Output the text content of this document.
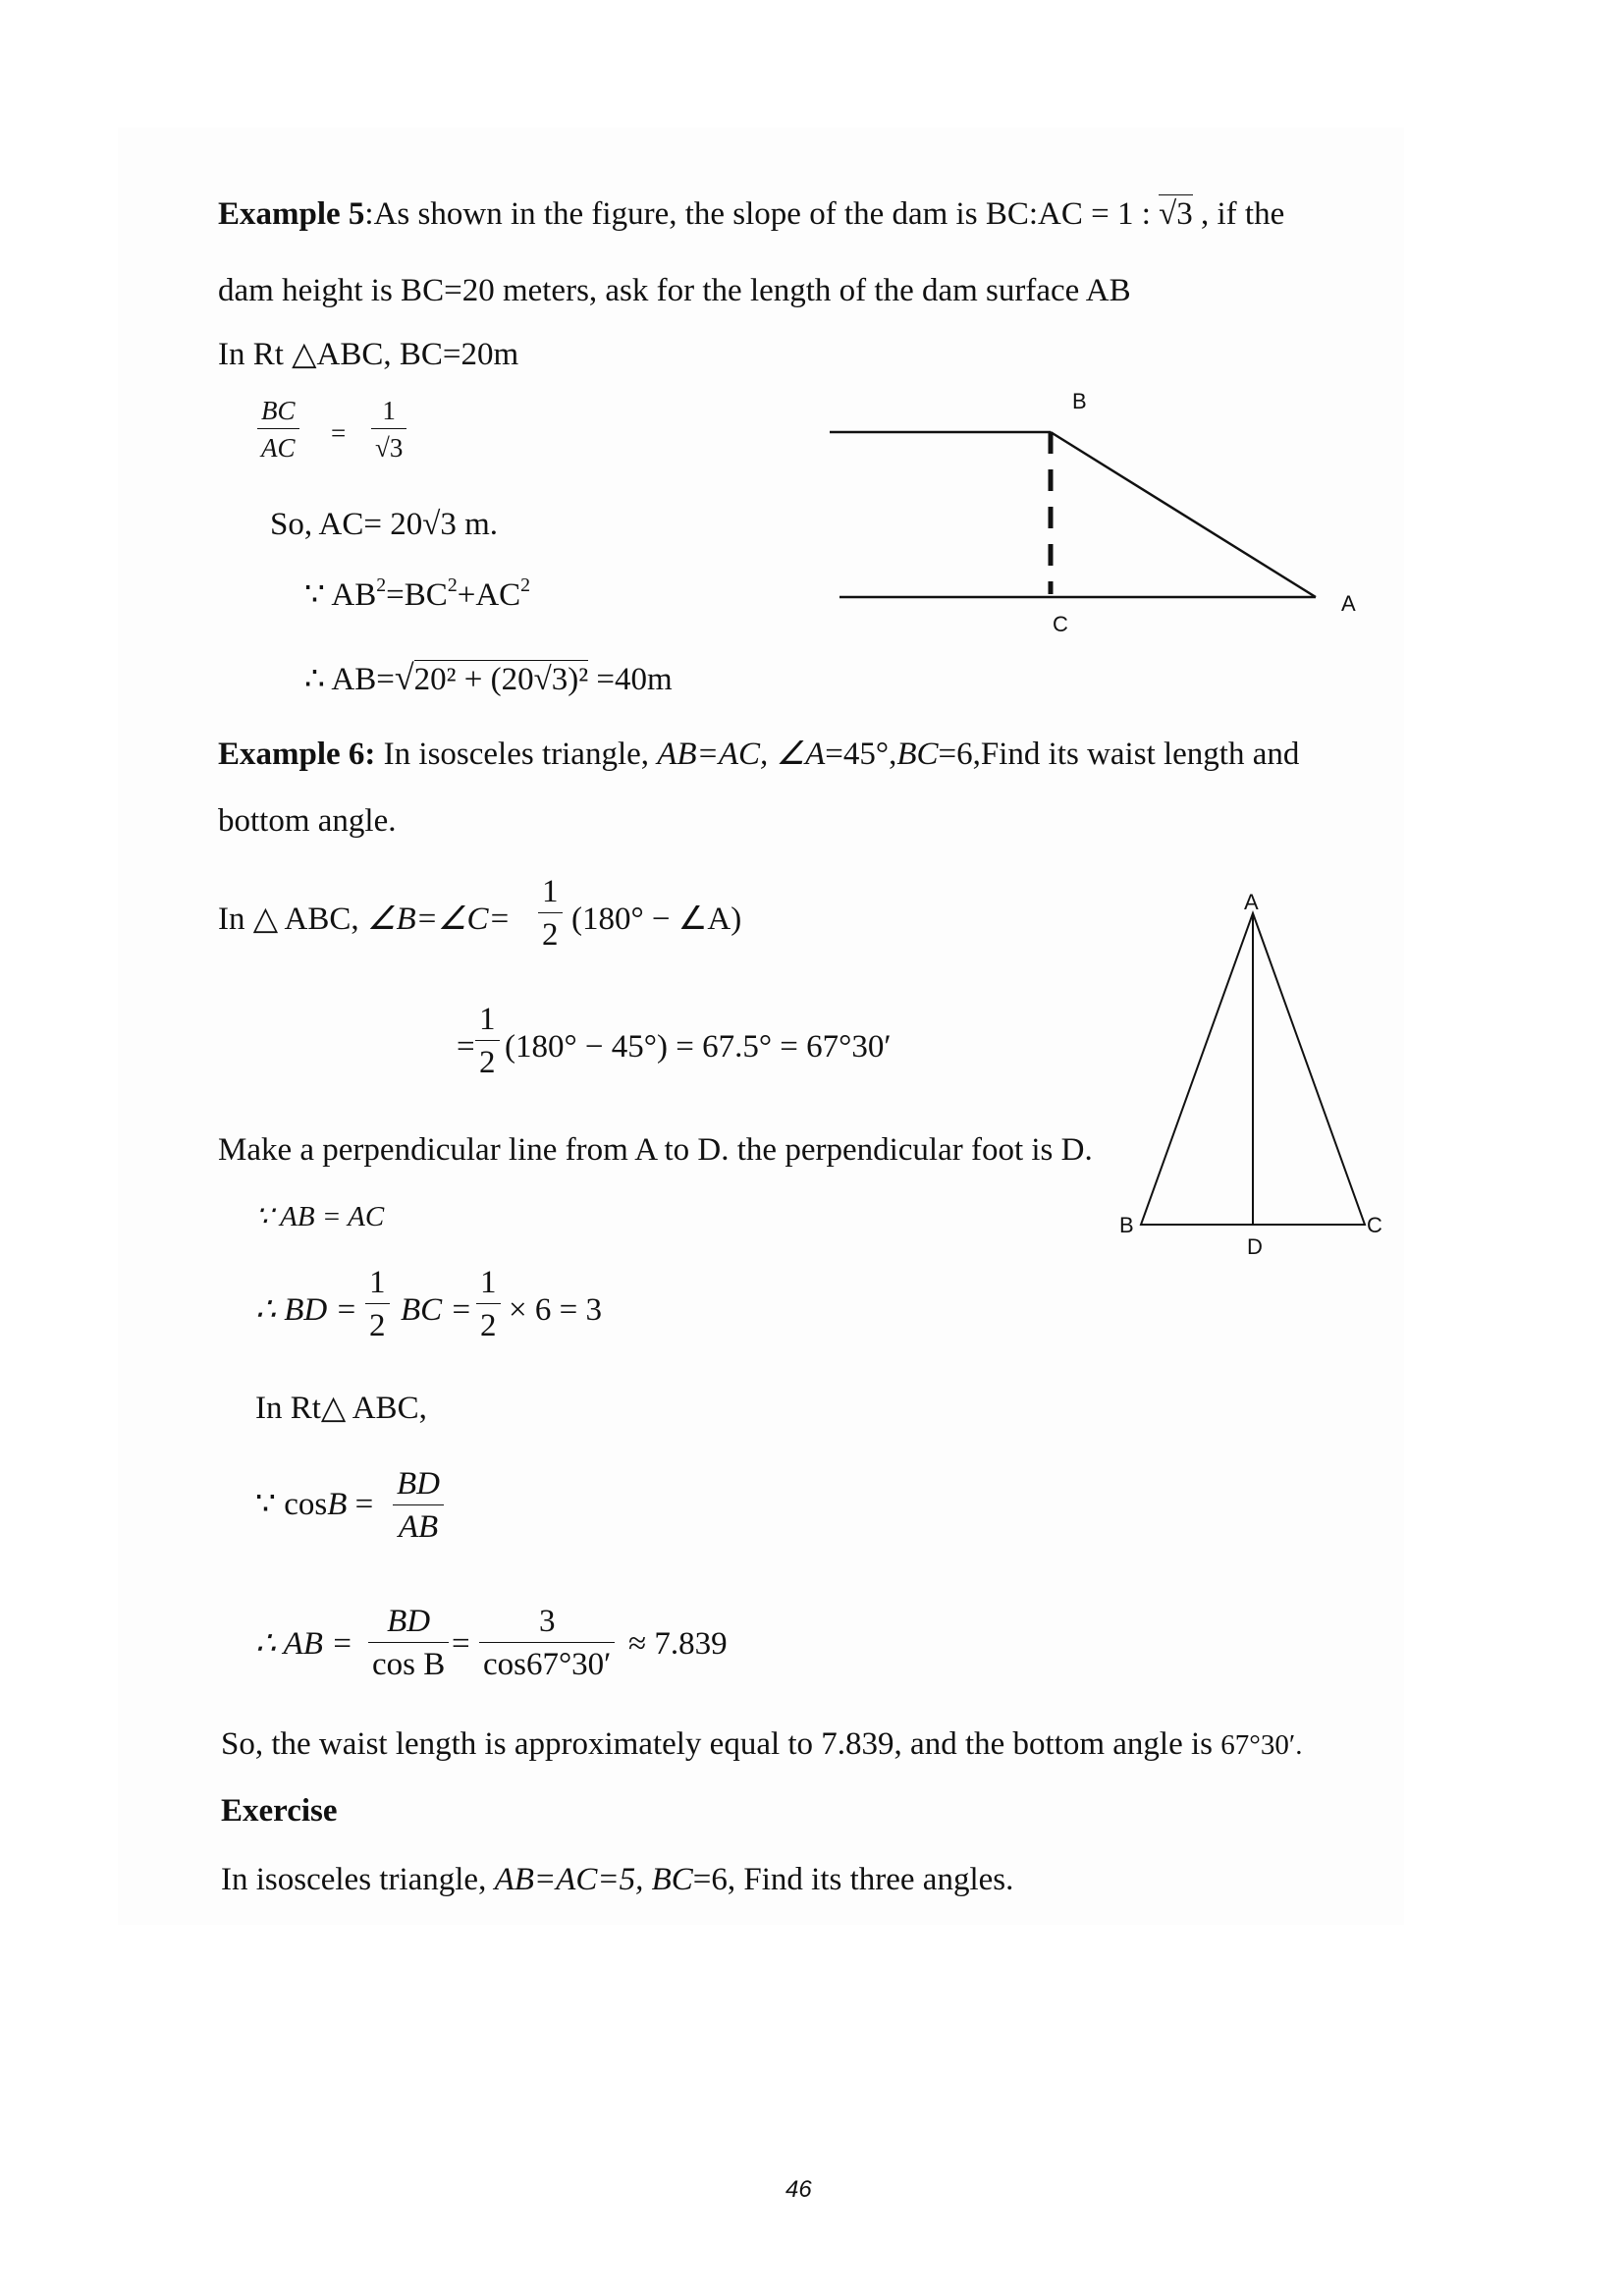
Example 5:As shown in the figure, the slope of the dam is BC:AC = 1 : √3 , if the
dam height is BC=20 meters, ask for the length of the dam surface AB
In Rt △ABC, BC=20m
BC
AC =
1
√3
So, AC= 20√3 m.
∵ $AB^2=BC^2+AC^2$
∴ AB=√20² + (20√3)² =40m
B
A
C
Example 6: In isosceles triangle, AB=AC, ∠A=45°,BC=6,Find its waist length and
bottom angle.
In △ ABC, ∠B=∠C=
1
2 (180° − ∠A)
=
1
2 (180° − 45°) = 67.5° = 67°30′
Make a perpendicular line from A to D. the perpendicular foot is D.
∵ AB = AC
∴ BD =
1
2 BC =
1
2 × 6 = 3
In Rt△ ABC,
∵ cosB =
BD
AB
∴ AB =
BD
cos B
=
3
cos67°30′
≈ 7.839
So, the waist length is approximately equal to 7.839, and the bottom angle is 67°30′.
A
B	C
D
Exercise
In isosceles triangle, AB=AC=5, BC=6, Find its three angles.
46
